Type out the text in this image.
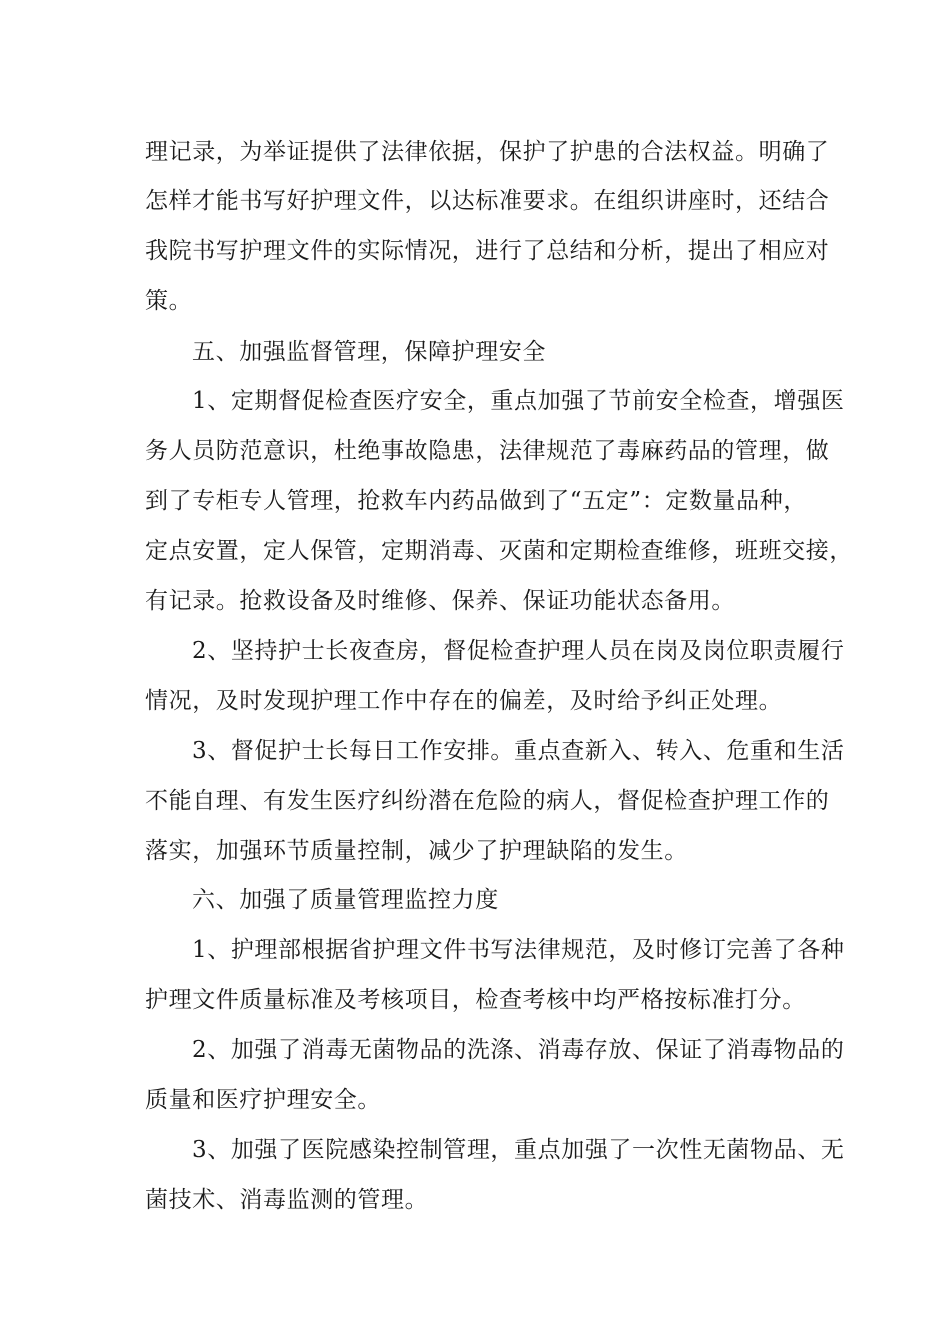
理记录，为举证提供了法律依据，保护了护患的合法权益。明确了
怎样才能书写好护理文件，以达标准要求。在组织讲座时，还结合
我院书写护理文件的实际情况，进行了总结和分析，提出了相应对
策。
五、加强监督管理，保障护理安全
1、定期督促检查医疗安全，重点加强了节前安全检查，增强医
务人员防范意识，杜绝事故隐患，法律规范了毒麻药品的管理，做
到了专柜专人管理，抢救车内药品做到了“五定”：定数量品种，
定点安置，定人保管，定期消毒、灭菌和定期检查维修，班班交接，
有记录。抢救设备及时维修、保养、保证功能状态备用。
2、坚持护士长夜查房，督促检查护理人员在岗及岗位职责履行
情况，及时发现护理工作中存在的偏差，及时给予纠正处理。
3、督促护士长每日工作安排。重点查新入、转入、危重和生活
不能自理、有发生医疗纠纷潜在危险的病人，督促检查护理工作的
落实，加强环节质量控制，减少了护理缺陷的发生。
六、加强了质量管理监控力度
1、护理部根据省护理文件书写法律规范，及时修订完善了各种
护理文件质量标准及考核项目，检查考核中均严格按标准打分。
2、加强了消毒无菌物品的洗涤、消毒存放、保证了消毒物品的
质量和医疗护理安全。
3、加强了医院感染控制管理，重点加强了一次性无菌物品、无
菌技术、消毒监测的管理。
